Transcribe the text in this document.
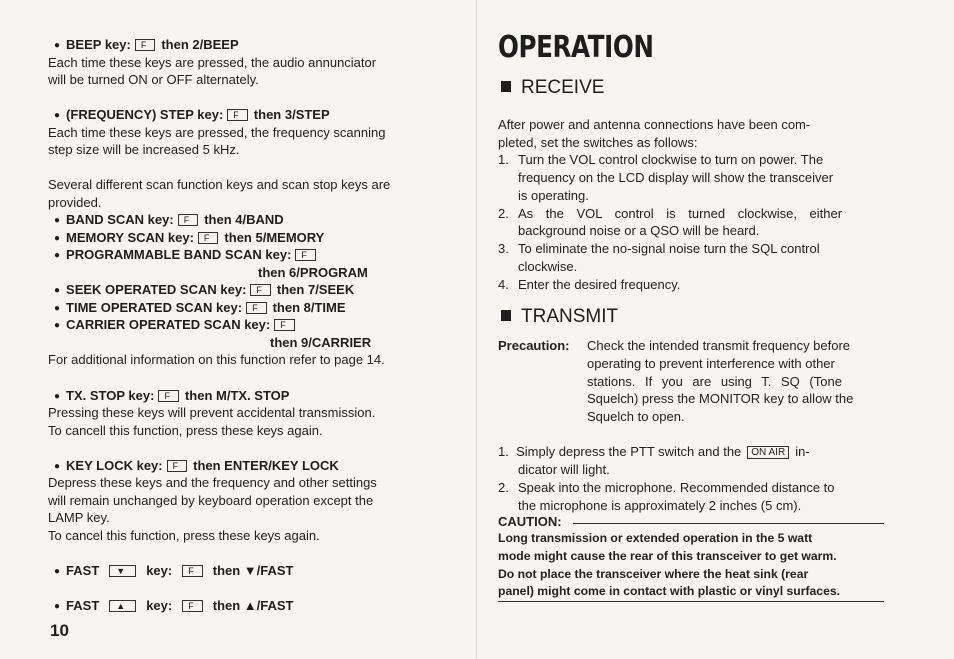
● BEEP key: F then 2/BEEP
Each time these keys are pressed, the audio annunciator
will be turned ON or OFF alternately.
● (FREQUENCY) STEP key: F then 3/STEP
Each time these keys are pressed, the frequency scanning
step size will be increased 5 kHz.
Several different scan function keys and scan stop keys are
provided.
● BAND SCAN key: F then 4/BAND
● MEMORY SCAN key: F then 5/MEMORY
● PROGRAMMABLE BAND SCAN key: F
then 6/PROGRAM
● SEEK OPERATED SCAN key: F then 7/SEEK
● TIME OPERATED SCAN key: F then 8/TIME
● CARRIER OPERATED SCAN key: F
then 9/CARRIER
For additional information on this function refer to page 14.
● TX. STOP key: F then M/TX. STOP
Pressing these keys will prevent accidental transmission.
To cancell this function, press these keys again.
● KEY LOCK key: F then ENTER/KEY LOCK
Depress these keys and the frequency and other settings
will remain unchanged by keyboard operation except the
LAMP key.
To cancel this function, press these keys again.
● FAST ▼ key: F then ▼/FAST
● FAST ▲ key: F then ▲/FAST
10
OPERATION
RECEIVE
After power and antenna connections have been com-
pleted, set the switches as follows:
1. Turn the VOL control clockwise to turn on power. The
frequency on the LCD display will show the transceiver
is operating.
2. As the VOL control is turned clockwise, either
background noise or a QSO will be heard.
3. To eliminate the no-signal noise turn the SQL control
clockwise.
4. Enter the desired frequency.
TRANSMIT
Precaution: Check the intended transmit frequency before
operating to prevent interference with other
stations. If you are using T. SQ (Tone
Squelch) press the MONITOR key to allow the
Squelch to open.
1.  Simply depress the PTT switch and the ON AIR in-
dicator will light.
2. Speak into the microphone. Recommended distance to
the microphone is approximately 2 inches (5 cm).
CAUTION:
Long transmission or extended operation in the 5 watt
mode might cause the rear of this transceiver to get warm.
Do not place the transceiver where the heat sink (rear
panel) might come in contact with plastic or vinyl surfaces.
